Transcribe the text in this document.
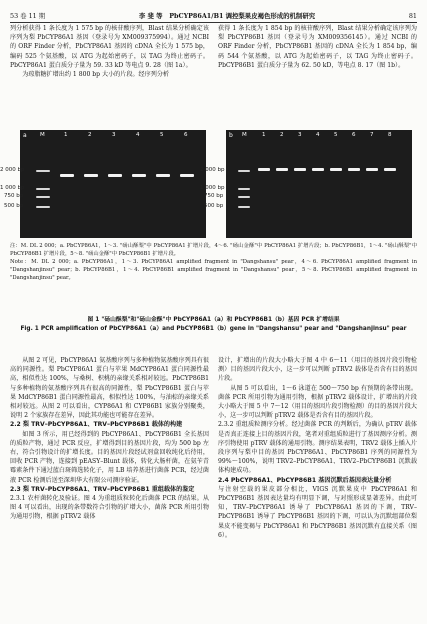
53 卷 11 期	李 斐 等 PbCYP86A1/B1 调控梨果皮褐色形成的机制研究	81

列分析获得 1 条长度为 1 575 bp 的核苷酸序列，Blast 结果分析确定该序列为梨 PbCYP86A1 基因（登录号为 XM009375994）。通过 NCBI 的 ORF Finder 分析，PbCYP86A1 基因的 cDNA 全长为 1 575 bp，编码 525 个氨基酸，以 ATG 为起始密码子，以 TAG 为终止密码子。PbCYP86A1 蛋白质分子量为 59. 33 kD 等电点 9. 28（图 1a）。

为琼脂糖扩增出约 1 800 bp 大小的片段。经序列分析

获得 1 条长度为 1 854 bp 的核苷酸序列，Blast 结果分析确定该序列为梨 PbCYP86B1 基因（登录号为 XM009356145）。通过 NCBI 的 ORF Finder 分析，PbCYP86B1 基因的 cDNA 全长为 1 854 bp，编码 544 个氨基酸，以 ATG 为起始密码子，以 TAG 为终止密码子。PbCYP86B1 蛋白质分子量为 62. 50 kD，等电点 8. 17（图 1b）。

a M	1	2	3	4	5	6
2 000 bp
1 000 bp
750 bp
500 bp
b M	1	2	3	4	5	6	7	8
2 000 bp
1 000 bp
750 bp
500 bp

注：M. DL 2 000；a. PbCYP86A1，1～3. "砀山酥梨"中 PbCYP86A1 扩增片段，4～6. "砀山金酥"中 PbCYP86A1 扩增片段；b. PbCYP86B1，1～4. "砀山酥梨"中 PbCYP86B1 扩增片段，5～8. "砀山金酥"中 PbCYP86B1 扩增片段。

Note：M. DL 2 000；a. PbCYP86A1，1～3. PbCYP86A1 amplified fragment in "Dangshansu" pear，4～6. PbCYP86A1 amplified fragment in "Dangshanjinsu" pear；b. PbCYP86B1，1～4. PbCYP86B1 amplified fragment in "Dangshansu" pear，5～8. PbCYP86B1 amplified fragment in "Dangshanjinsu" pear。

图 1 "砀山酥梨"和"砀山金酥"中 PbCYP86A1（a）和 PbCYP86B1（b）基因 PCR 扩增结果

Fig. 1 PCR amplification of PbCYP86A1（a）and PbCYP86B1（b）gene in "Dangshansu" pear and "Dangshanjinsu" pear

从图 2 可见，PbCYP86A1 氨基酸序列与多种植物氨基酸序列具有很高的同源性。梨 PbCYP86A1 蛋白与苹果 MdCYP86A1 蛋白同源性最高，相似性达 100%，与桑树、枳桃的亲缘关系相对较远。PbCYP86B1 与多种植物的氨基酸序列具有很高的同源性，梨 PbCYP86B1 蛋白与苹果 MdCYP86B1 蛋白同源性最高，相似性达 100%，与油棕的亲缘关系相对较远。从图 2 可以看出，CYP86A1 和 CYP86B1 家族分别聚类，说明 2 个家族存在差异，因此其功能也可能存在差异。

2.2 梨 TRV–PbCYP86A1、TRV–PbCYP86B1 载体的构建

如图 3 所示，用已经得到的 PbCYP86A1、PbCYP86B1 全长基因的质粒产物，通过 PCR 反应，扩增得到目的基因片段，均为 500 bp 左右，符合引物设计的扩增长度。目的基因片段经试剂盒回收纯化后待用，回收 PCR 产物，连接到 pEASY–Blunt 载体，转化大肠杆菌，在氨苄青霉素条件下通过蓝白斑筛选转化子，用 LB 培养基进行菌落 PCR，经过菌液 PCR 检测后送至深圳华大有限公司测序验证。

2.3 梨 TRV–PbCYP86A1、TRV–PbCYP86B1 重组载体的鉴定

2.3.1 农杆菌转化及验证。图 4 为重组质粒转化后菌落 PCR 的结果。从图 4 可以看出，出现的条带数符合引物的扩增大小，菌落 PCR 所用引物为通用引物，根据 pTRV2 载体

设计，扩增出的片段大小略大于图 4 中 6～11（用目的基因片段引物检测）目的基因片段大小，这一步可以判断 pTRV2 载体是否含有目的基因片段。

从图 5 可以看出，1～6 泳道在 500～750 bp 有预期的条带出现。菌落 PCR 所用引物为通用引物，根据 pTRV2 载体设计，扩增出的片段大小略大于图 5 中 7～12（用目的基因片段引物检测）的目的基因片段大小，这一步可以判断 pTRV2 载体是否含有目的基因片段。

2.3.2 重组质粒测序分析。经过菌落 PCR 的判断后，为确认 pTRV 载体是否真正连接上目的基因片段，笔者对重组质粒进行了基因测序分析。测序引物使用 pTRV 载体的通用引物。测序结果表明，TRV2 载体上插入片段序列与梨中目的基因 PbCYP86A1、PbCYP86B1 序列的同源性为 99%～100%，说明 TRV2–PbCYP86A1、TRV2–PbCYP86B1 沉默载体构建成功。

2.4 PbCYP86A1、PbCYP86B1 基因沉默后基因表达量分析

与注射空载的果皮部分相比，VIGS 沉默果皮中 PbCYP86A1 和 PbCYP86B1 基因表达量均有明显下调，与对照形成显著差异。由此可知，TRV–PbCYP86A1 诱导了 PbCYP86A1 基因的下调，TRV–PbCYP86B1 诱导了 PbCYP86B1 基因的下调，可以认为沉默组部位梨果皮不能变褐与 PbCYP86A1 和 PbCYP86B1 基因沉默有直接关系（图 6）。
